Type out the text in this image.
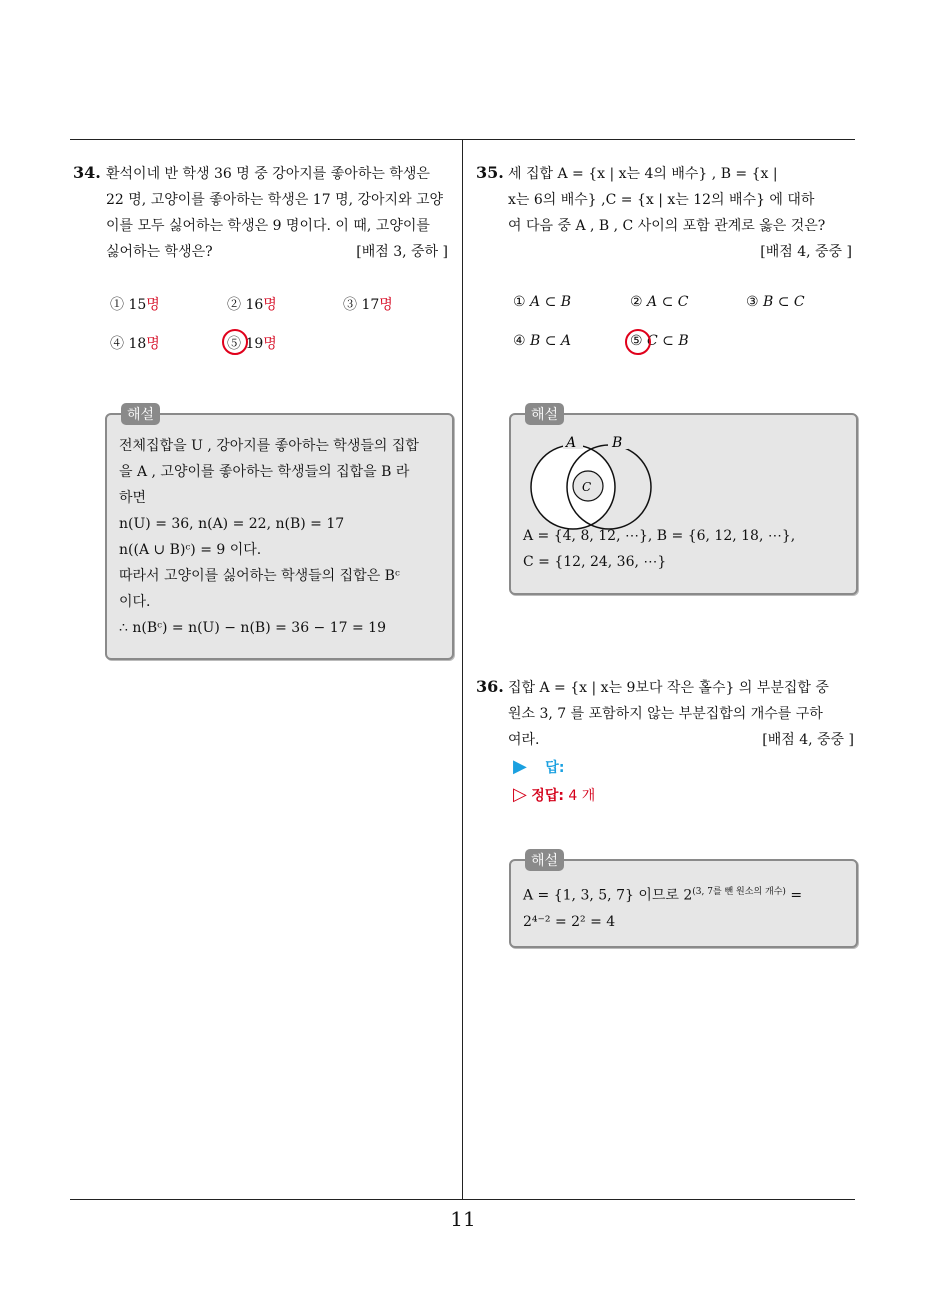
34. 환석이네 반 학생 36 명 중 강아지를 좋아하는 학생은
22 명, 고양이를 좋아하는 학생은 17 명, 강아지와 고양
이를 모두 싫어하는 학생은 9 명이다. 이 때, 고양이를
싫어하는 학생은?	[배점 3, 중하 ]
① 15명	② 16명	③ 17명
④ 18명	⑤ 19명
해설
전체집합을 U , 강아지를 좋아하는 학생들의 집합
을 A , 고양이를 좋아하는 학생들의 집합을 B 라
하면
n(U) = 36, n(A) = 22, n(B) = 17
n((A ∪ B)ᶜ) = 9 이다.
따라서 고양이를 싫어하는 학생들의 집합은 Bᶜ
이다.
∴ n(Bᶜ) = n(U) − n(B) = 36 − 17 = 19
35. 세 집합 A = {x | x는 4의 배수} , B = {x |
x는 6의 배수} ,C = {x | x는 12의 배수} 에 대하
여 다음 중 A , B , C 사이의 포함 관계로 옳은 것은?
[배점 4, 중중 ]
① A ⊂ B	② A ⊂ C	③ B ⊂ C
④ B ⊂ A	⑤ C ⊂ B
해설
A	B
C
A = {4, 8, 12, ⋯}, B = {6, 12, 18, ⋯},
C = {12, 24, 36, ⋯}
36. 집합 A = {x | x는 9보다 작은 홀수} 의 부분집합 중
원소 3, 7 를 포함하지 않는 부분집합의 개수를 구하
여라.	[배점 4, 중중 ]
▶ 답:
▷ 정답: 4 개
해설
A = {1, 3, 5, 7} 이므로 $2^{(3, 7를 뺀 원소의 개수)}$ =
2⁴⁻² = 2² = 4
11
